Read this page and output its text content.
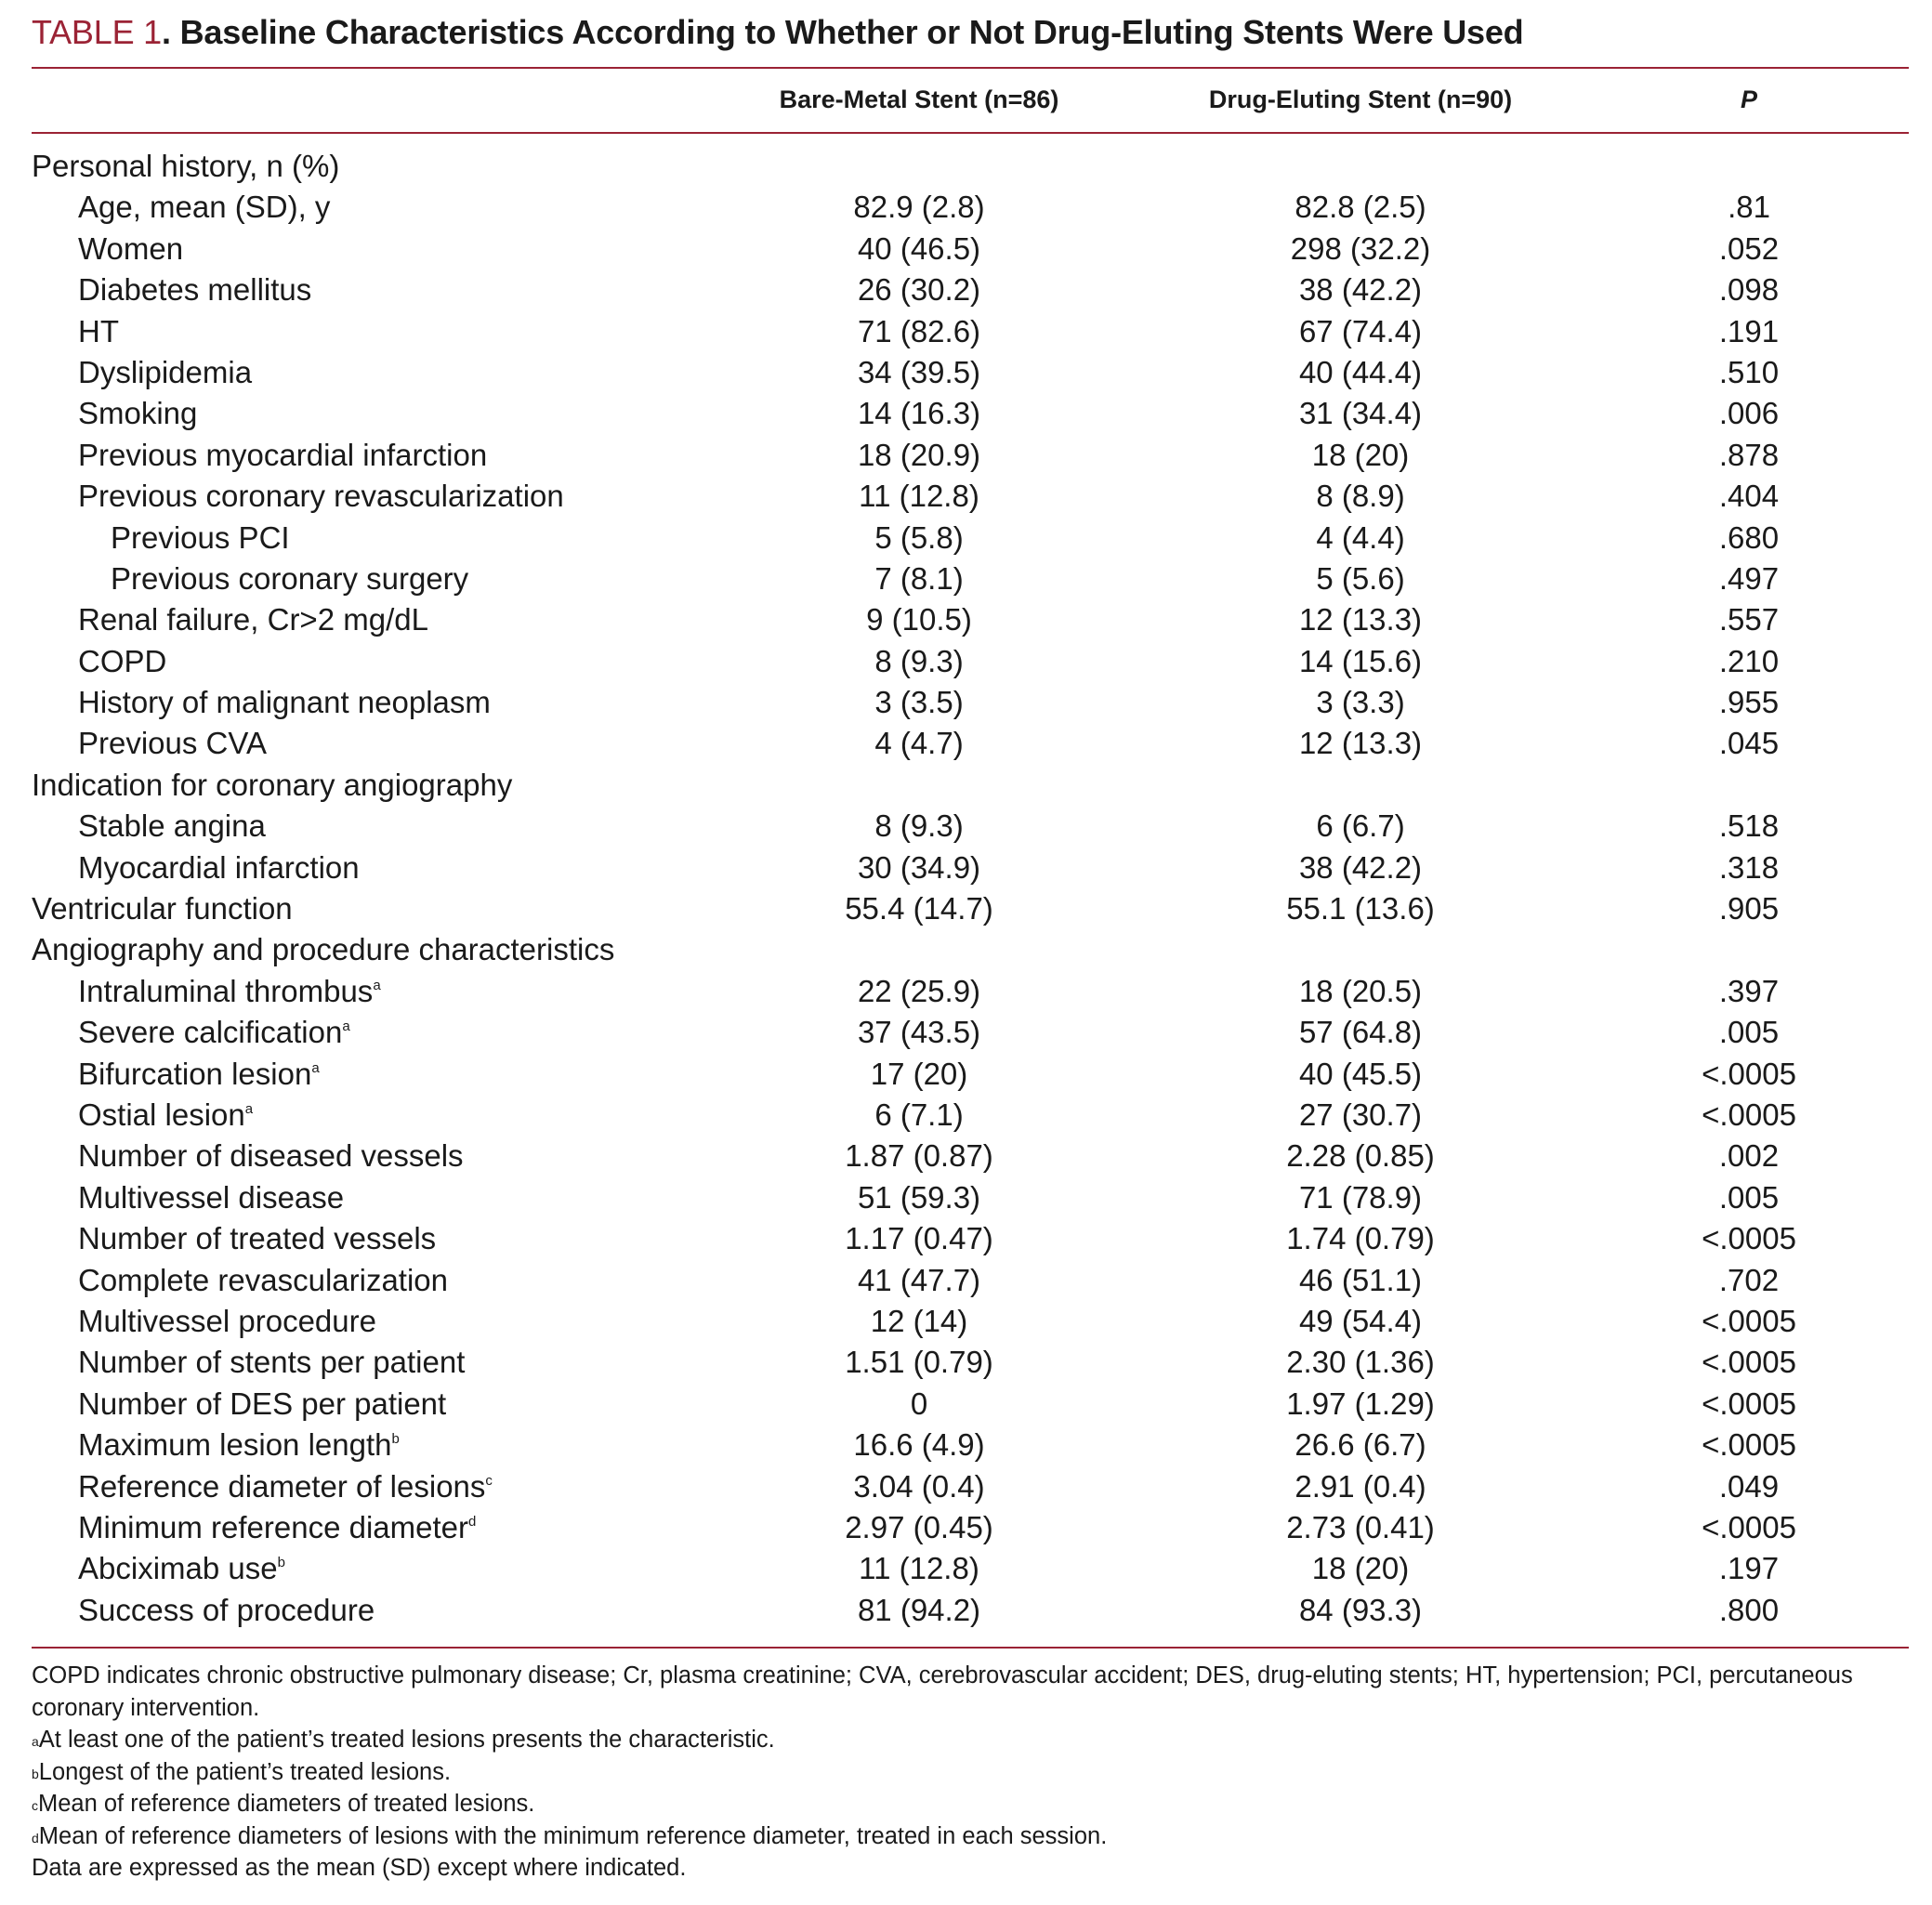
TABLE 1. Baseline Characteristics According to Whether or Not Drug-Eluting Stents Were Used
Bare-Metal Stent (n=86)	Drug-Eluting Stent (n=90)	P
Personal history, n (%)
Age, mean (SD), y	82.9 (2.8)	82.8 (2.5)	.81
Women	40 (46.5)	298 (32.2)	.052
Diabetes mellitus	26 (30.2)	38 (42.2)	.098
HT	71 (82.6)	67 (74.4)	.191
Dyslipidemia	34 (39.5)	40 (44.4)	.510
Smoking	14 (16.3)	31 (34.4)	.006
Previous myocardial infarction	18 (20.9)	18 (20)	.878
Previous coronary revascularization	11 (12.8)	8 (8.9)	.404
Previous PCI	5 (5.8)	4 (4.4)	.680
Previous coronary surgery	7 (8.1)	5 (5.6)	.497
Renal failure, Cr>2 mg/dL	9 (10.5)	12 (13.3)	.557
COPD	8 (9.3)	14 (15.6)	.210
History of malignant neoplasm	3 (3.5)	3 (3.3)	.955
Previous CVA	4 (4.7)	12 (13.3)	.045
Indication for coronary angiography
Stable angina	8 (9.3)	6 (6.7)	.518
Myocardial infarction	30 (34.9)	38 (42.2)	.318
Ventricular function	55.4 (14.7)	55.1 (13.6)	.905
Angiography and procedure characteristics
Intraluminal thrombus$^a$	22 (25.9)	18 (20.5)	.397
Severe calcification$^a$	37 (43.5)	57 (64.8)	.005
Bifurcation lesion$^a$	17 (20)	40 (45.5)	<.0005
Ostial lesion$^a$	6 (7.1)	27 (30.7)	<.0005
Number of diseased vessels	1.87 (0.87)	2.28 (0.85)	.002
Multivessel disease	51 (59.3)	71 (78.9)	.005
Number of treated vessels	1.17 (0.47)	1.74 (0.79)	<.0005
Complete revascularization	41 (47.7)	46 (51.1)	.702
Multivessel procedure	12 (14)	49 (54.4)	<.0005
Number of stents per patient	1.51 (0.79)	2.30 (1.36)	<.0005
Number of DES per patient	0	1.97 (1.29)	<.0005
Maximum lesion length$^b$	16.6 (4.9)	26.6 (6.7)	<.0005
Reference diameter of lesions$^c$	3.04 (0.4)	2.91 (0.4)	.049
Minimum reference diameter$^d$	2.97 (0.45)	2.73 (0.41)	<.0005
Abciximab use$^b$	11 (12.8)	18 (20)	.197
Success of procedure	81 (94.2)	84 (93.3)	.800

COPD indicates chronic obstructive pulmonary disease; Cr, plasma creatinine; CVA, cerebrovascular accident; DES, drug-eluting stents; HT, hypertension; PCI, percutaneous coronary intervention.

$^a$At least one of the patient’s treated lesions presents the characteristic.

$^b$Longest of the patient’s treated lesions.

$^c$Mean of reference diameters of treated lesions.

$^d$Mean of reference diameters of lesions with the minimum reference diameter, treated in each session.

Data are expressed as the mean (SD) except where indicated.
